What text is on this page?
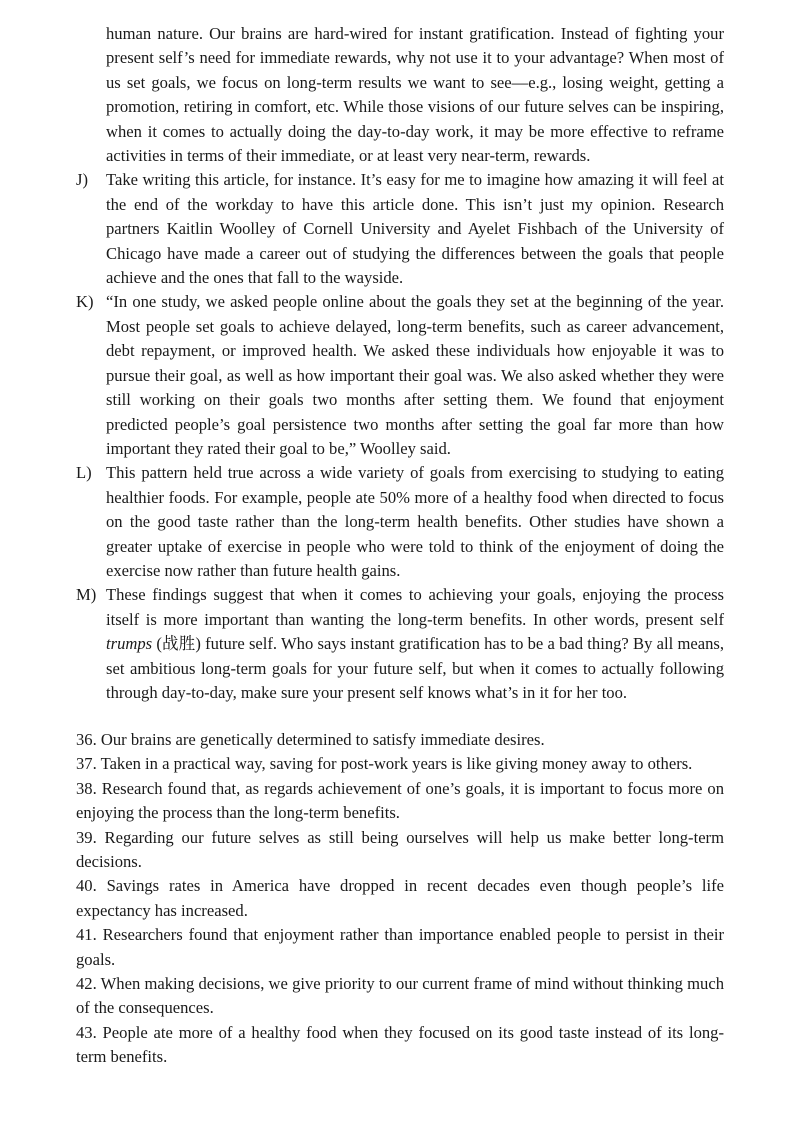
human nature. Our brains are hard-wired for instant gratification. Instead of fighting your present self’s need for immediate rewards, why not use it to your advantage? When most of us set goals, we focus on long-term results we want to see—e.g., losing weight, getting a promotion, retiring in comfort, etc. While those visions of our future selves can be inspiring, when it comes to actually doing the day-to-day work, it may be more effective to reframe activities in terms of their immediate, or at least very near-term, rewards.
J)	Take writing this article, for instance. It’s easy for me to imagine how amazing it will feel at the end of the workday to have this article done. This isn’t just my opinion. Research partners Kaitlin Woolley of Cornell University and Ayelet Fishbach of the University of Chicago have made a career out of studying the differences between the goals that people achieve and the ones that fall to the wayside.
K) “In one study, we asked people online about the goals they set at the beginning of the year. Most people set goals to achieve delayed, long-term benefits, such as career advancement, debt repayment, or improved health. We asked these individuals how enjoyable it was to pursue their goal, as well as how important their goal was. We also asked whether they were still working on their goals two months after setting them. We found that enjoyment predicted people’s goal persistence two months after setting the goal far more than how important they rated their goal to be,” Woolley said.
L) This pattern held true across a wide variety of goals from exercising to studying to eating healthier foods. For example, people ate 50% more of a healthy food when directed to focus on the good taste rather than the long-term health benefits. Other studies have shown a greater uptake of exercise in people who were told to think of the enjoyment of doing the exercise now rather than future health gains.
M) These findings suggest that when it comes to achieving your goals, enjoying the process itself is more important than wanting the long-term benefits. In other words, present self trumps (战胜) future self. Who says instant gratification has to be a bad thing? By all means, set ambitious long-term goals for your future self, but when it comes to actually following through day-to-day, make sure your present self knows what’s in it for her too.
36. Our brains are genetically determined to satisfy immediate desires.
37. Taken in a practical way, saving for post-work years is like giving money away to others.
38. Research found that, as regards achievement of one’s goals, it is important to focus more on enjoying the process than the long-term benefits.
39. Regarding our future selves as still being ourselves will help us make better long-term decisions.
40. Savings rates in America have dropped in recent decades even though people’s life expectancy has increased.
41. Researchers found that enjoyment rather than importance enabled people to persist in their goals.
42. When making decisions, we give priority to our current frame of mind without thinking much of the consequences.
43. People ate more of a healthy food when they focused on its good taste instead of its long-term benefits.
